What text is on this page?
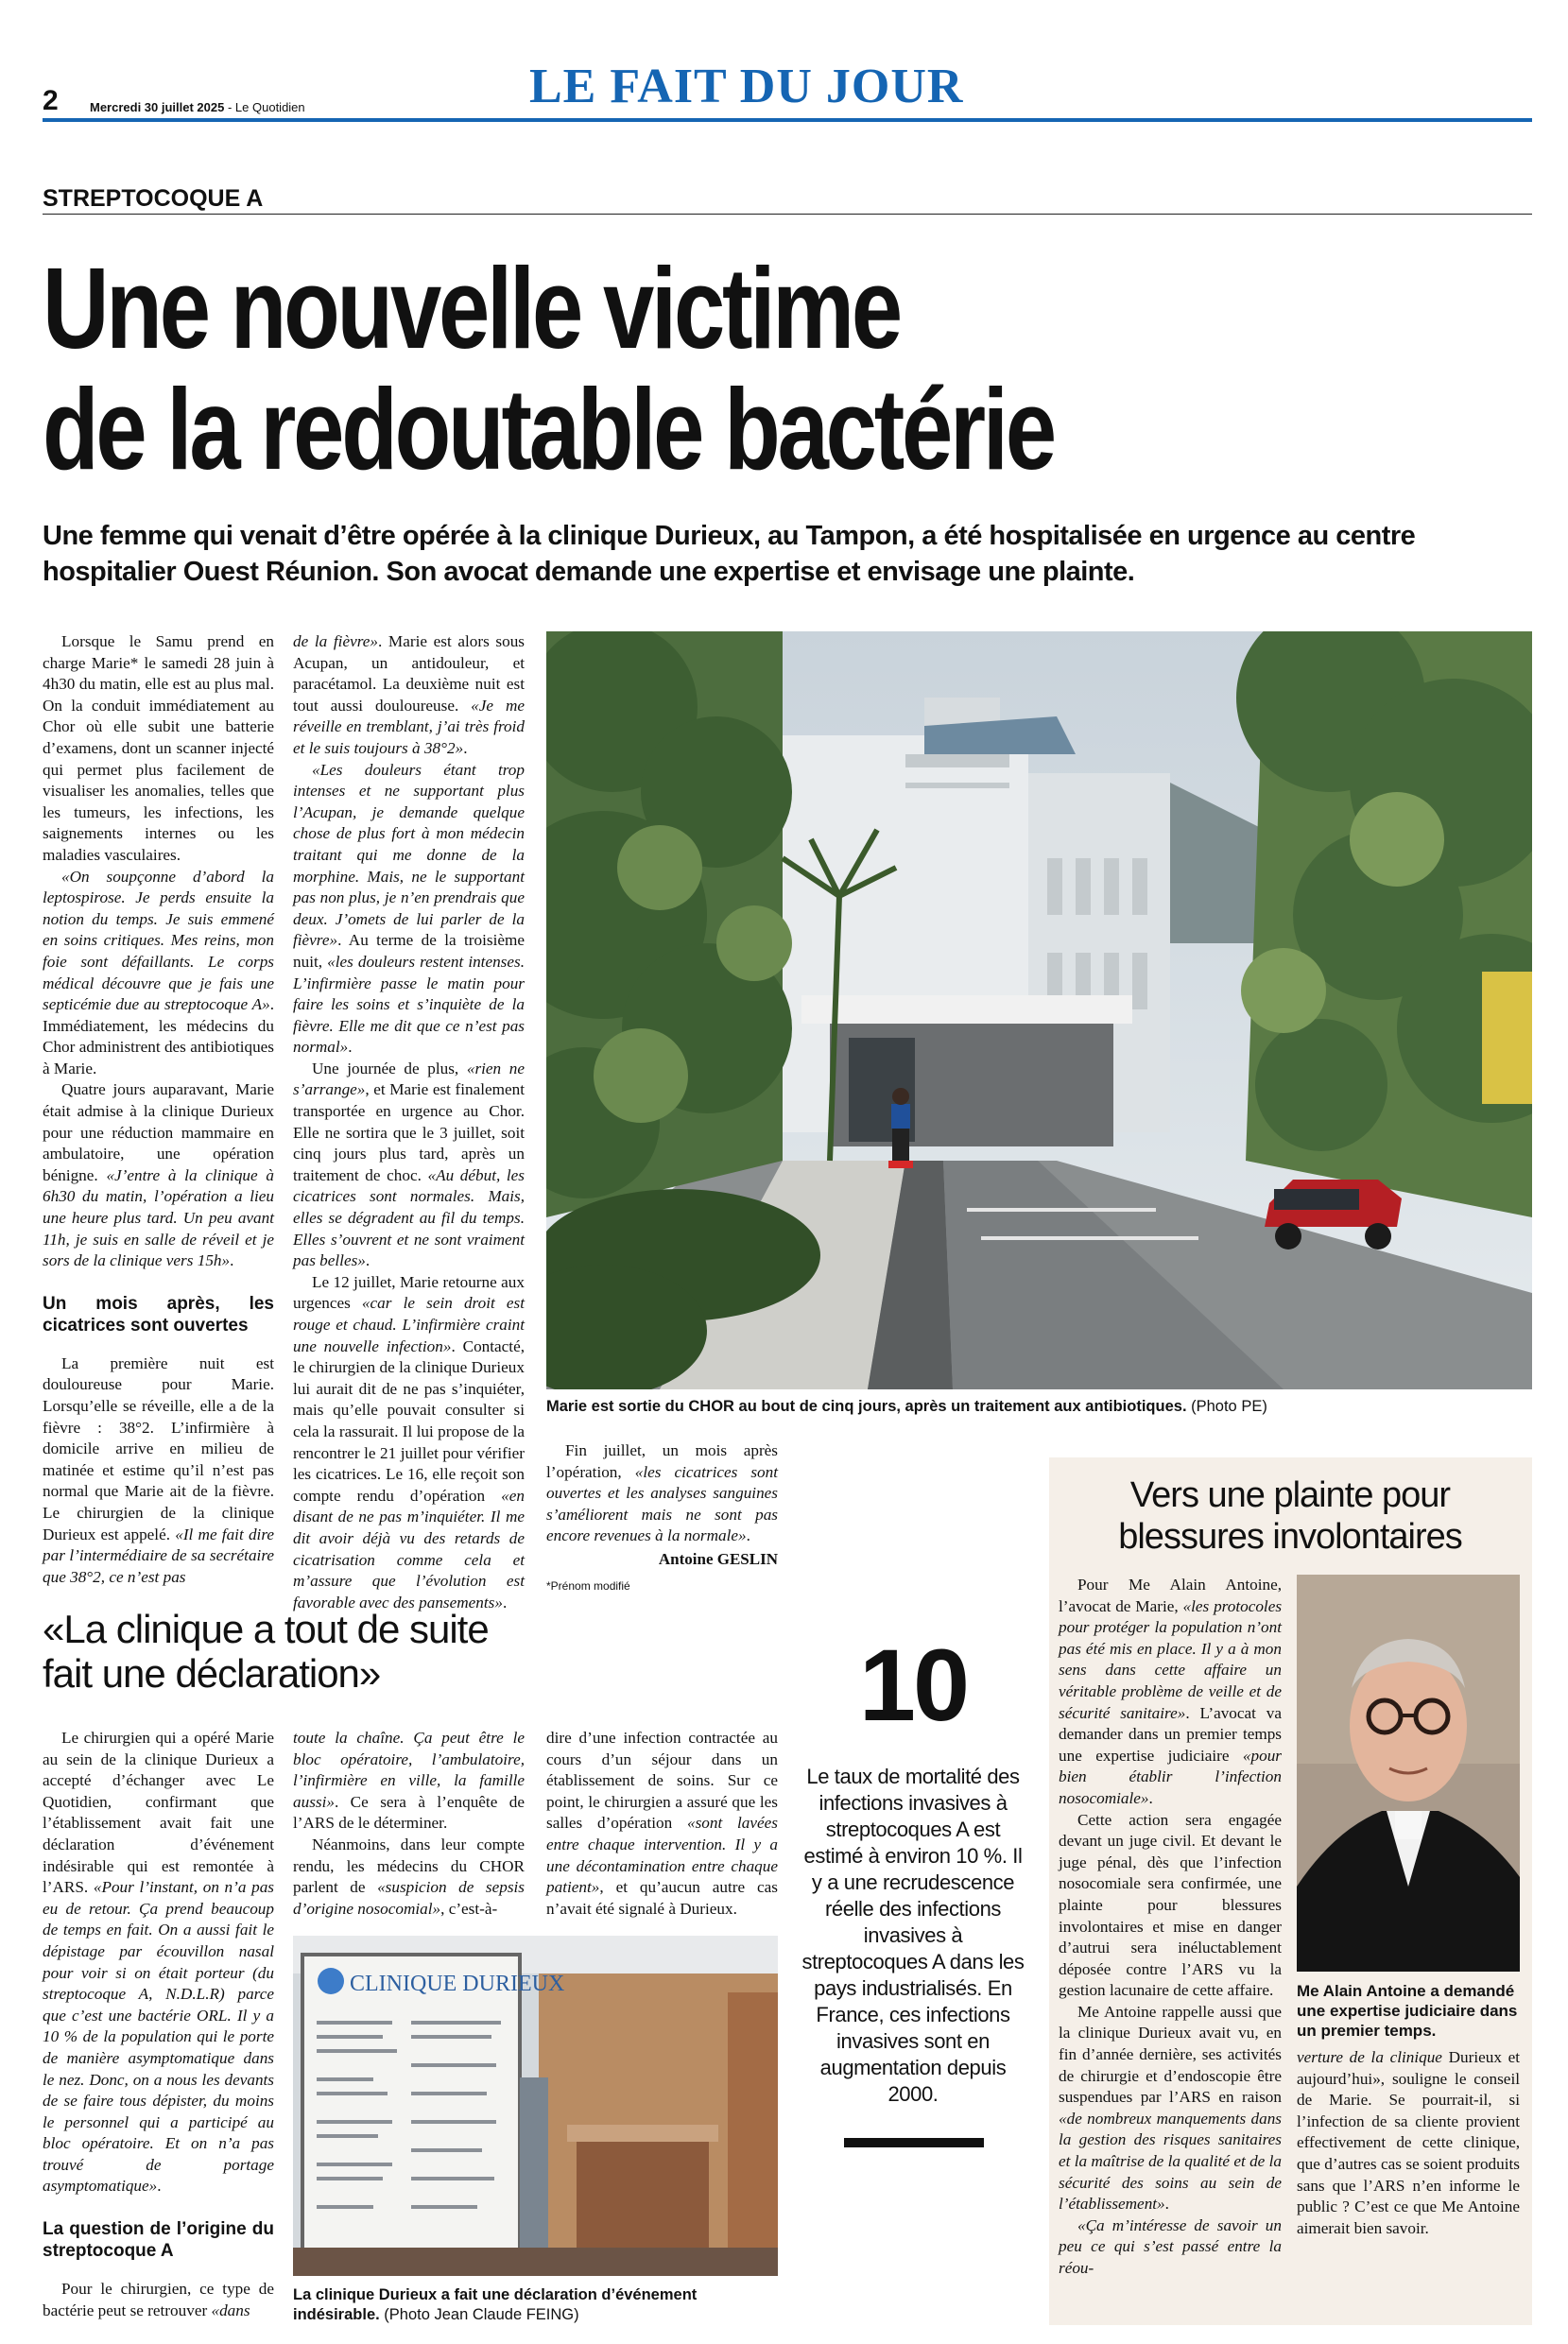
2	Mercredi 30 juillet 2025 - Le Quotidien	LE FAIT DU JOUR
STREPTOCOQUE A
Une nouvelle victime
de la redoutable bactérie
Une femme qui venait d’être opérée à la clinique Durieux, au Tampon, a été hospitalisée en urgence au centre hospitalier Ouest Réunion. Son avocat demande une expertise et envisage une plainte.

Lorsque le Samu prend en charge Marie* le samedi 28 juin à 4h30 du matin, elle est au plus mal. On la conduit immédiatement au Chor où elle subit une batterie d’examens, dont un scanner injecté qui permet plus facilement de visualiser les anomalies, telles que les tumeurs, les infections, les saignements internes ou les maladies vasculaires.

«On soupçonne d’abord la leptospirose. Je perds ensuite la notion du temps. Je suis emmené en soins critiques. Mes reins, mon foie sont défaillants. Le corps médical découvre que je fais une septicémie due au streptocoque A». Immédiatement, les médecins du Chor administrent des antibiotiques à Marie.

Quatre jours auparavant, Marie était admise à la clinique Durieux pour une réduction mammaire en ambulatoire, une opération bénigne. «J’entre à la clinique à 6h30 du matin, l’opération a lieu une heure plus tard. Un peu avant 11h, je suis en salle de réveil et je sors de la clinique vers 15h».

Un mois après, les cicatrices sont ouvertes

La première nuit est douloureuse pour Marie. Lorsqu’elle se réveille, elle a de la fièvre : 38°2. L’infirmière à domicile arrive en milieu de matinée et estime qu’il n’est pas normal que Marie ait de la fièvre. Le chirurgien de la clinique Durieux est appelé. «Il me fait dire par l’intermédiaire de sa secrétaire que 38°2, ce n’est pas

de la fièvre». Marie est alors sous Acupan, un antidouleur, et paracétamol. La deuxième nuit est tout aussi douloureuse. «Je me réveille en tremblant, j’ai très froid et le suis toujours à 38°2».

«Les douleurs étant trop intenses et ne supportant plus l’Acupan, je demande quelque chose de plus fort à mon médecin traitant qui me donne de la morphine. Mais, ne le supportant pas non plus, je n’en prendrais que deux. J’omets de lui parler de la fièvre». Au terme de la troisième nuit, «les douleurs restent intenses. L’infirmière passe le matin pour faire les soins et s’inquiète de la fièvre. Elle me dit que ce n’est pas normal».

Une journée de plus, «rien ne s’arrange», et Marie est finalement transportée en urgence au Chor. Elle ne sortira que le 3 juillet, soit cinq jours plus tard, après un traitement de choc. «Au début, les cicatrices sont normales. Mais, elles se dégradent au fil du temps. Elles s’ouvrent et ne sont vraiment pas belles».

Le 12 juillet, Marie retourne aux urgences «car le sein droit est rouge et chaud. L’infirmière craint une nouvelle infection». Contacté, le chirurgien de la clinique Durieux lui aurait dit de ne pas s’inquiéter, mais qu’elle pouvait consulter si cela la rassurait. Il lui propose de la rencontrer le 21 juillet pour vérifier les cicatrices. Le 16, elle reçoit son compte rendu d’opération «en disant de ne pas m’inquiéter. Il me dit avoir déjà vu des retards de cicatrisation comme cela et m’assure que l’évolution est favorable avec des pansements».

Marie est sortie du CHOR au bout de cinq jours, après un traitement aux antibiotiques. (Photo PE)

Fin juillet, un mois après l’opération, «les cicatrices sont ouvertes et les analyses sanguines s’améliorent mais ne sont pas encore revenues à la normale».

Antoine GESLIN
*Prénom modifié
Vers une plainte pour blessures involontaires

Pour Me Alain Antoine, l’avocat de Marie, «les protocoles pour protéger la population n’ont pas été mis en place. Il y a à mon sens dans cette affaire un véritable problème de veille et de sécurité sanitaire». L’avocat va demander dans un premier temps une expertise judiciaire «pour bien établir l’infection nosocomiale».

Cette action sera engagée devant un juge civil. Et devant le juge pénal, dès que l’infection nosocomiale sera confirmée, une plainte pour blessures involontaires et mise en danger d’autrui sera inéluctablement déposée contre l’ARS vu la gestion lacunaire de cette affaire.

Me Antoine rappelle aussi que la clinique Durieux avait vu, en fin d’année dernière, ses activités de chirurgie et d’endoscopie être suspendues par l’ARS en raison «de nombreux manquements dans la gestion des risques sanitaires et la maîtrise de la qualité et de la sécurité des soins au sein de l’établissement».

«Ça m’intéresse de savoir un peu ce qui s’est passé entre la réou-

Me Alain Antoine a demandé une expertise judiciaire dans un premier temps.

verture de la clinique Durieux et aujourd’hui», souligne le conseil de Marie. Se pourrait-il, si l’infection de sa cliente provient effectivement de cette clinique, que d’autres cas se soient produits sans que l’ARS n’en informe le public ? C’est ce que Me Antoine aimerait bien savoir.

«La clinique a tout de suite
fait une déclaration»

Le chirurgien qui a opéré Marie au sein de la clinique Durieux a accepté d’échanger avec Le Quotidien, confirmant que l’établissement avait fait une déclaration d’événement indésirable qui est remontée à l’ARS. «Pour l’instant, on n’a pas eu de retour. Ça prend beaucoup de temps en fait. On a aussi fait le dépistage par écouvillon nasal pour voir si on était porteur (du streptocoque A, N.D.L.R) parce que c’est une bactérie ORL. Il y a 10 % de la population qui le porte de manière asymptomatique dans le nez. Donc, on a nous les devants de se faire tous dépister, du moins le personnel qui a participé au bloc opératoire. Et on n’a pas trouvé de portage asymptomatique».

La question de l’origine du streptocoque A

Pour le chirurgien, ce type de bactérie peut se retrouver «dans

toute la chaîne. Ça peut être le bloc opératoire, l’ambulatoire, l’infirmière en ville, la famille aussi». Ce sera à l’enquête de l’ARS de le déterminer.

Néanmoins, dans leur compte rendu, les médecins du CHOR parlent de «suspicion de sepsis d’origine nosocomial», c’est-à-

dire d’une infection contractée au cours d’un séjour dans un établissement de soins. Sur ce point, le chirurgien a assuré que les salles d’opération «sont lavées entre chaque intervention. Il y a une décontamination entre chaque patient», et qu’aucun autre cas n’avait été signalé à Durieux.

CLINIQUE DURIEUX
La clinique Durieux a fait une déclaration d’événement indésirable. (Photo Jean Claude FEING)
10
Le taux de mortalité des infections invasives à streptocoques A est estimé à environ 10 %. Il y a une recrudescence réelle des infections invasives à streptocoques A dans les pays industrialisés. En France, ces infections invasives sont en augmentation depuis 2000.
